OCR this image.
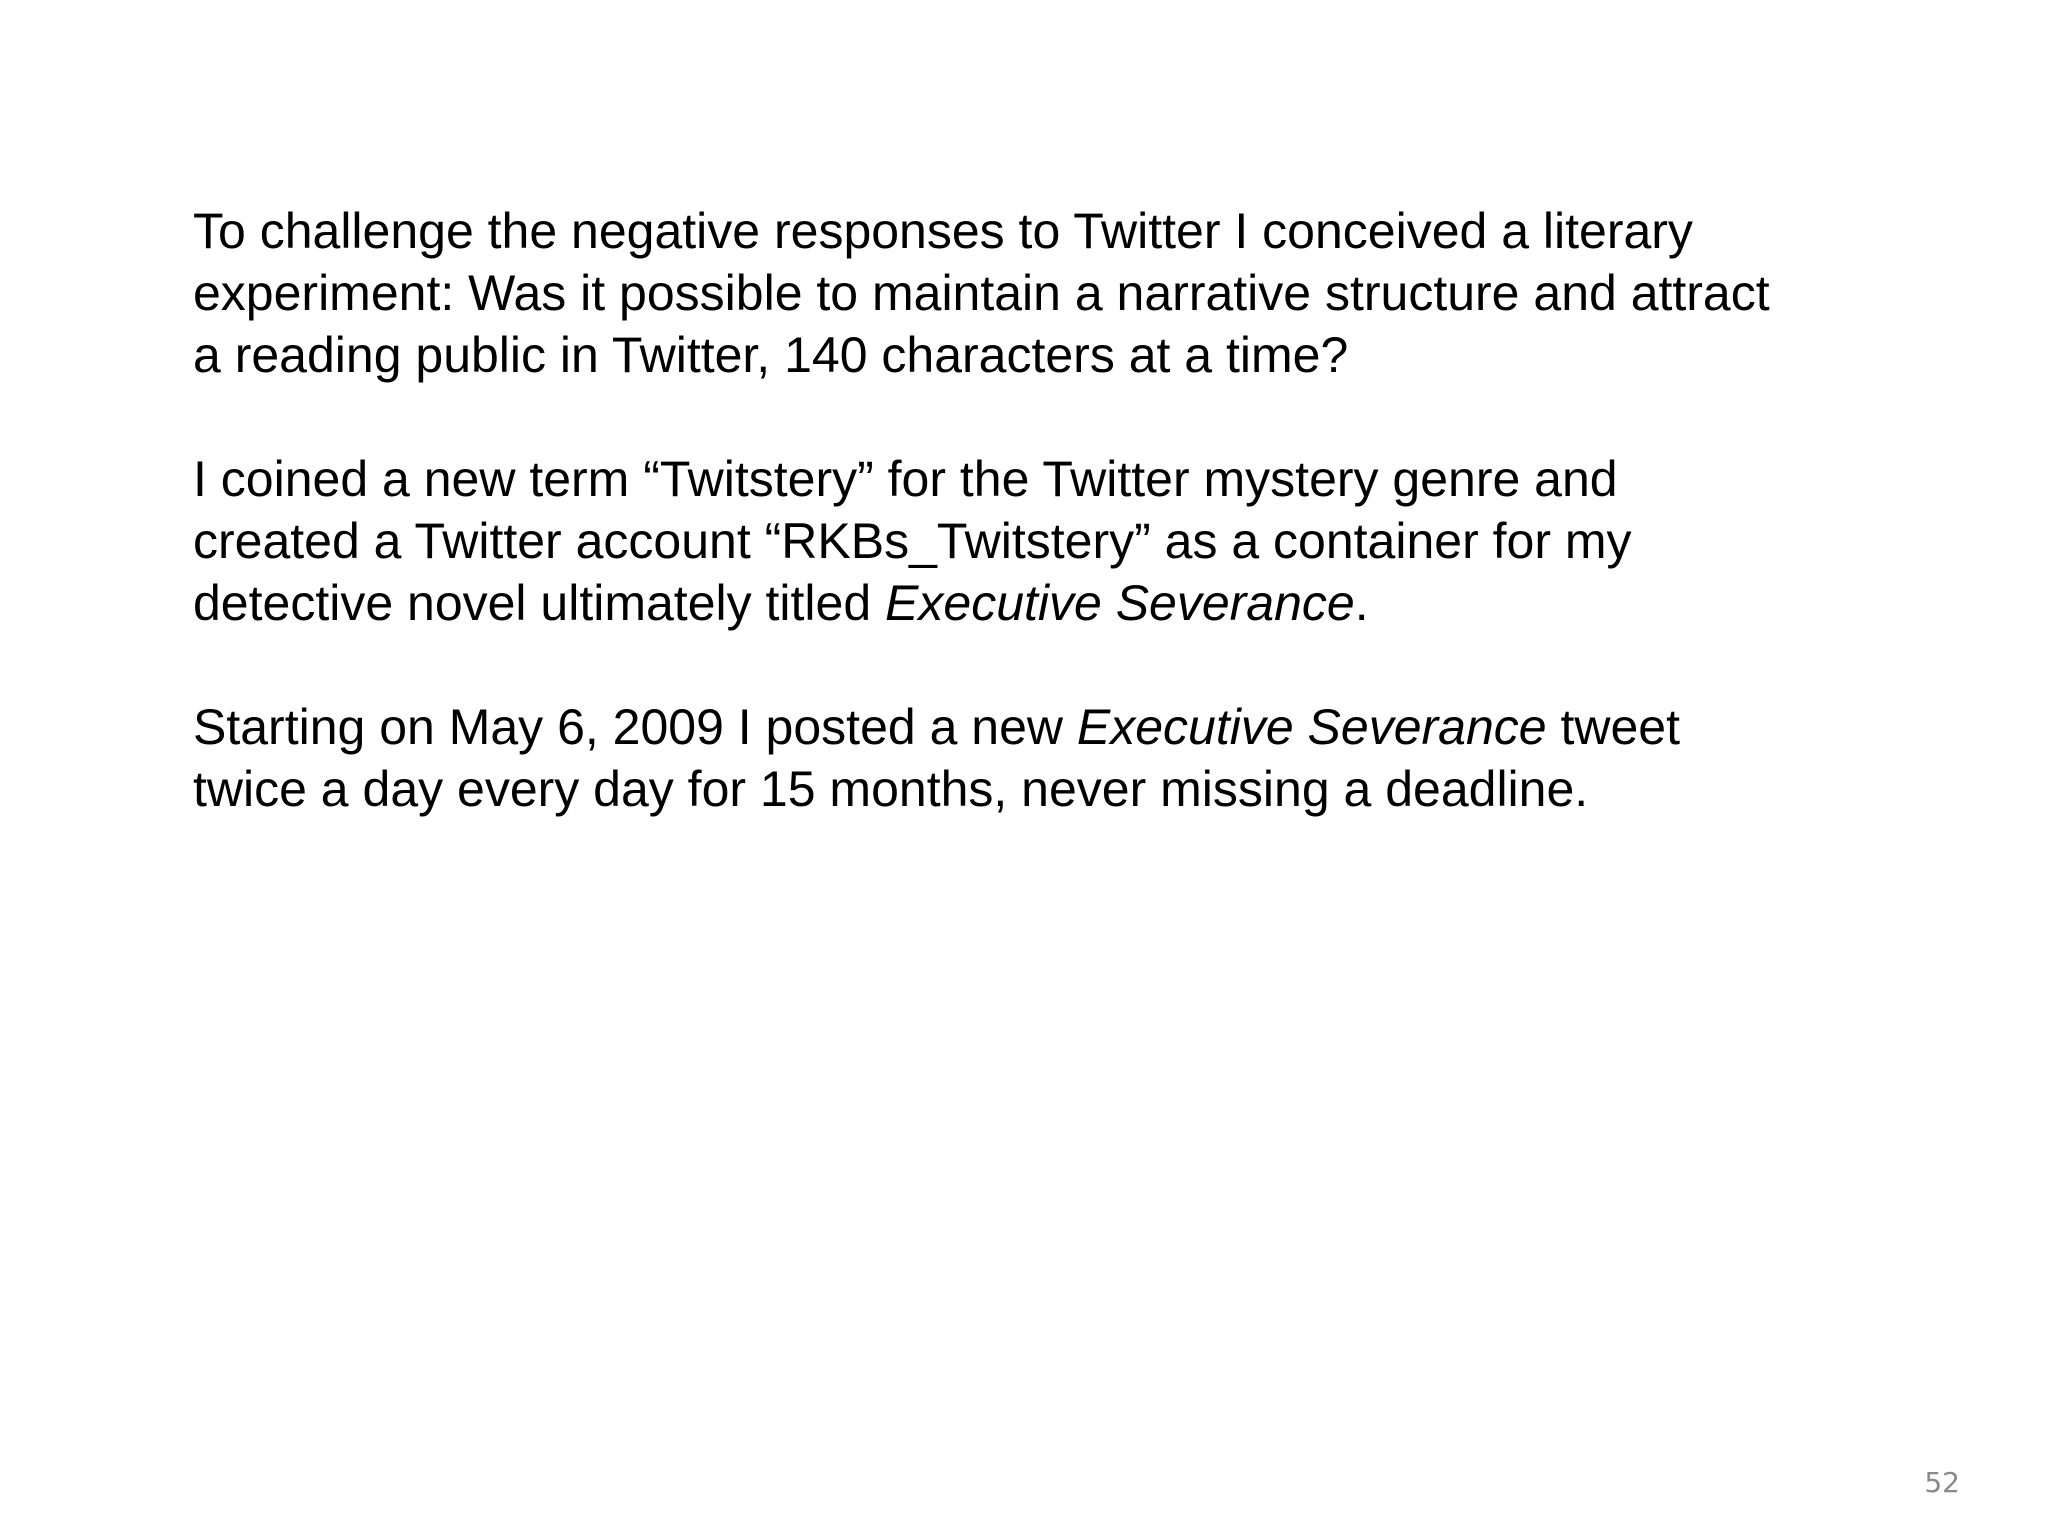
To challenge the negative responses to Twitter I conceived a literary
experiment: Was it possible to maintain a narrative structure and attract
a reading public in Twitter, 140 characters at a time?

I coined a new term “Twitstery” for the Twitter mystery genre and
created a Twitter account “RKBs_Twitstery” as a container for my
detective novel ultimately titled Executive Severance.

Starting on May 6, 2009 I posted a new Executive Severance tweet
twice a day every day for 15 months, never missing a deadline.

52
